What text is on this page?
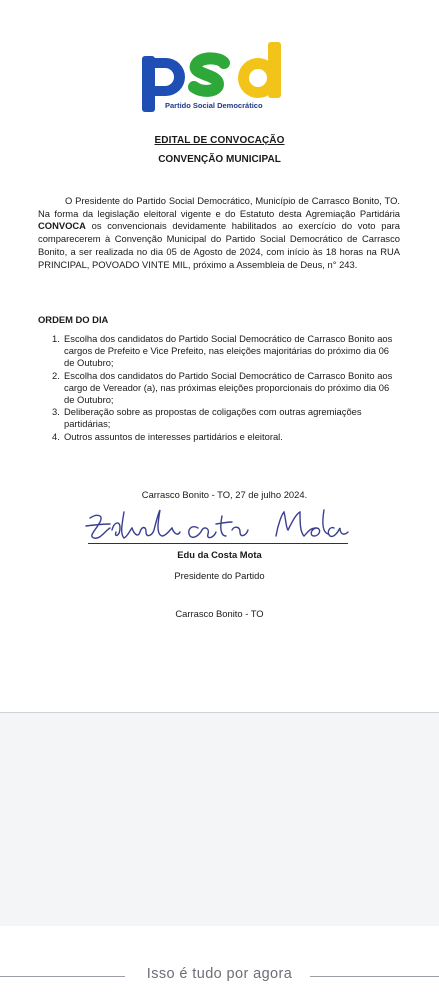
Partido Social Democrático
EDITAL DE CONVOCAÇÃO
CONVENÇÃO MUNICIPAL
O Presidente do Partido Social Democrático, Município de Carrasco Bonito, TO. Na forma da legislação eleitoral vigente e do Estatuto desta Agremiação Partidária CONVOCA os convencionais devidamente habilitados ao exercício do voto para comparecerem à Convenção Municipal do Partido Social Democrático de Carrasco Bonito, a ser realizada no dia 05 de Agosto de 2024, com início às 18 horas na RUA PRINCIPAL, POVOADO VINTE MIL, próximo a Assembleia de Deus, n° 243.
ORDEM DO DIA
1. Escolha dos candidatos do Partido Social Democrático de Carrasco Bonito aos cargos de Prefeito e Vice Prefeito, nas eleições majoritárias do próximo dia 06 de Outubro;
2. Escolha dos candidatos do Partido Social Democrático de Carrasco Bonito aos cargo de Vereador (a), nas próximas eleições proporcionais do próximo dia 06 de Outubro;
3. Deliberação sobre as propostas de coligações com outras agremiações partidárias;
4. Outros assuntos de interesses partidários e eleitoral.
Carrasco Bonito - TO, 27 de julho 2024.
Edu da Costa Mota
Presidente do Partido
Carrasco Bonito - TO
Isso é tudo por agora
